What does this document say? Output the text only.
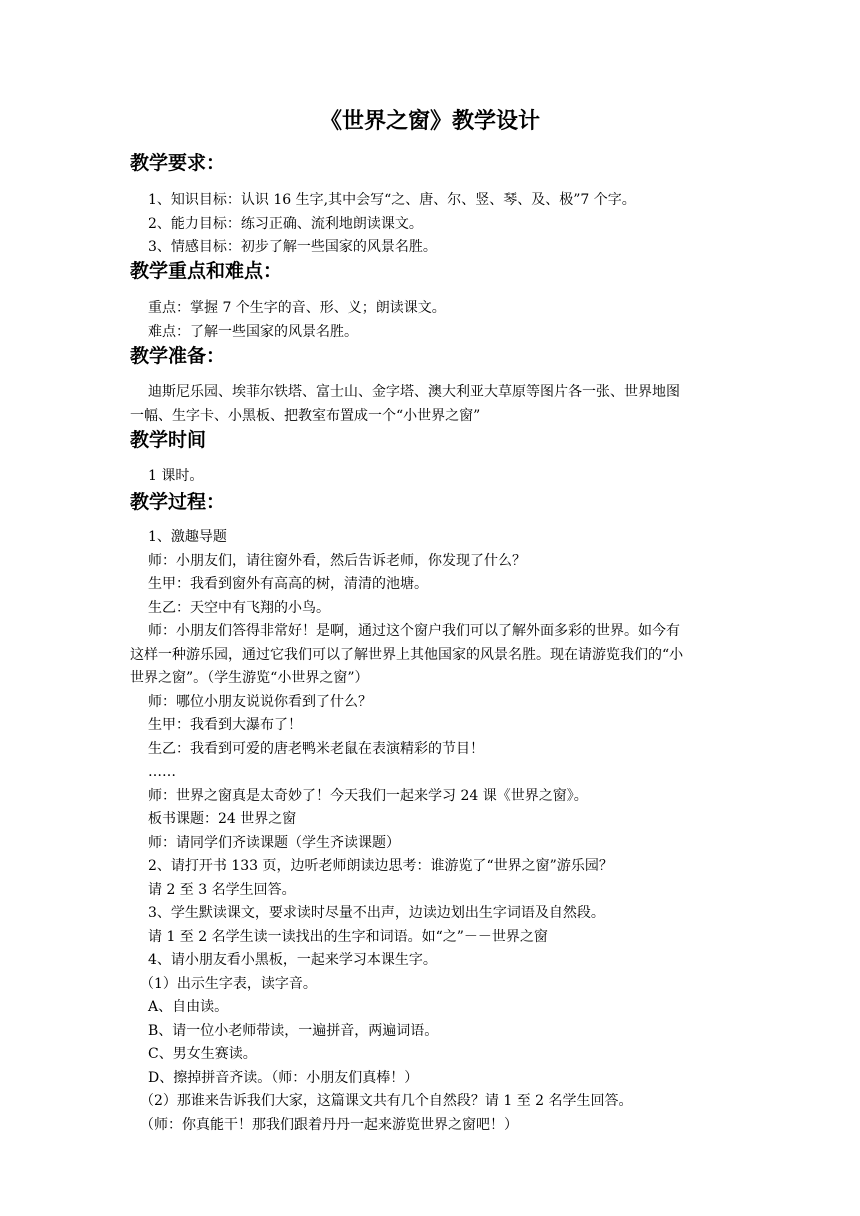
《世界之窗》教学设计
教学要求：
1、知识目标：认识 16 生字,其中会写“之、唐、尔、竖、琴、及、极”7 个字。
2、能力目标：练习正确、流利地朗读课文。
3、情感目标：初步了解一些国家的风景名胜。
教学重点和难点：
重点：掌握 7 个生字的音、形、义；朗读课文。
难点：了解一些国家的风景名胜。
教学准备：
迪斯尼乐园、埃菲尔铁塔、富士山、金字塔、澳大利亚大草原等图片各一张、世界地图
一幅、生字卡、小黑板、把教室布置成一个“小世界之窗”
教学时间
1 课时。
教学过程：
1、激趣导题
师：小朋友们，请往窗外看，然后告诉老师，你发现了什么？
生甲：我看到窗外有高高的树，清清的池塘。
生乙：天空中有飞翔的小鸟。
师：小朋友们答得非常好！是啊，通过这个窗户我们可以了解外面多彩的世界。如今有
这样一种游乐园，通过它我们可以了解世界上其他国家的风景名胜。现在请游览我们的“小
世界之窗”。（学生游览“小世界之窗”）
师：哪位小朋友说说你看到了什么？
生甲：我看到大瀑布了！
生乙：我看到可爱的唐老鸭米老鼠在表演精彩的节目！
……
师：世界之窗真是太奇妙了！今天我们一起来学习 24 课《世界之窗》。
板书课题：24 世界之窗
师：请同学们齐读课题（学生齐读课题）
2、请打开书 133 页，边听老师朗读边思考：谁游览了“世界之窗”游乐园？
请 2 至 3 名学生回答。
3、学生默读课文，要求读时尽量不出声，边读边划出生字词语及自然段。
请 1 至 2 名学生读一读找出的生字和词语。如“之”－－世界之窗
4、请小朋友看小黑板，一起来学习本课生字。
（1）出示生字表，读字音。
A、自由读。
B、请一位小老师带读，一遍拼音，两遍词语。
C、男女生赛读。
D、擦掉拼音齐读。（师：小朋友们真棒！）
（2）那谁来告诉我们大家，这篇课文共有几个自然段？请 1 至 2 名学生回答。
（师：你真能干！那我们跟着丹丹一起来游览世界之窗吧！）
